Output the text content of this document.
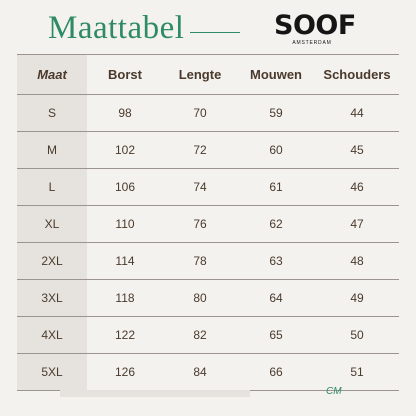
Maattabel	SOOF
AMSTERDAM
Maat	Borst	Lengte	Mouwen	Schouders
S	98	70	59	44
M	102	72	60	45
L	106	74	61	46
XL	110	76	62	47
2XL	114	78	63	48
3XL	118	80	64	49
4XL	122	82	65	50
5XL	126	84	66	51
CM
